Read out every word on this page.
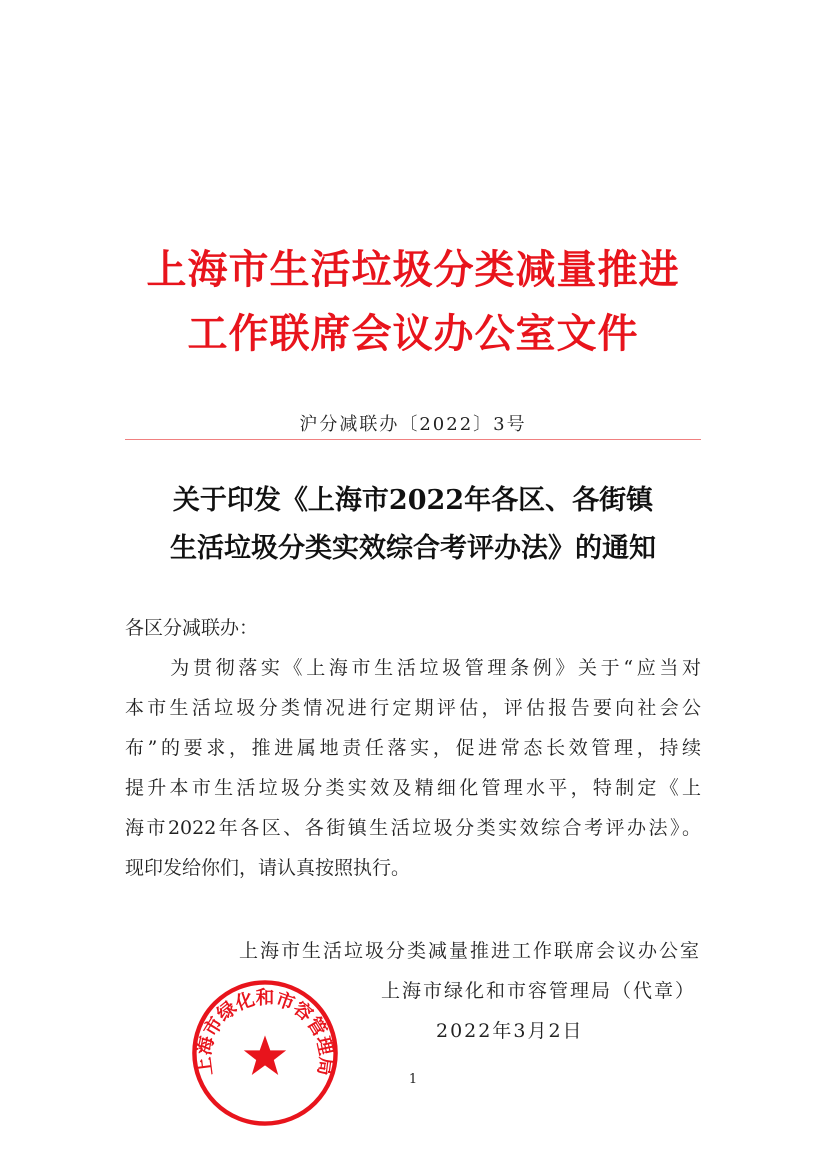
上海市生活垃圾分类减量推进
工作联席会议办公室文件
沪分减联办〔2022〕3号
关于印发《上海市2022年各区、各街镇
生活垃圾分类实效综合考评办法》的通知
各区分减联办：
　　为贯彻落实《上海市生活垃圾管理条例》关于“应当对
本市生活垃圾分类情况进行定期评估，评估报告要向社会公
布”的要求，推进属地责任落实，促进常态长效管理，持续
提升本市生活垃圾分类实效及精细化管理水平，特制定《上
海市2022年各区、各街镇生活垃圾分类实效综合考评办法》。
现印发给你们，请认真按照执行。
上海市生活垃圾分类减量推进工作联席会议办公室
上海市绿化和市容管理局（代章）
2022年3月2日
上海市绿化和市容管理局
1
